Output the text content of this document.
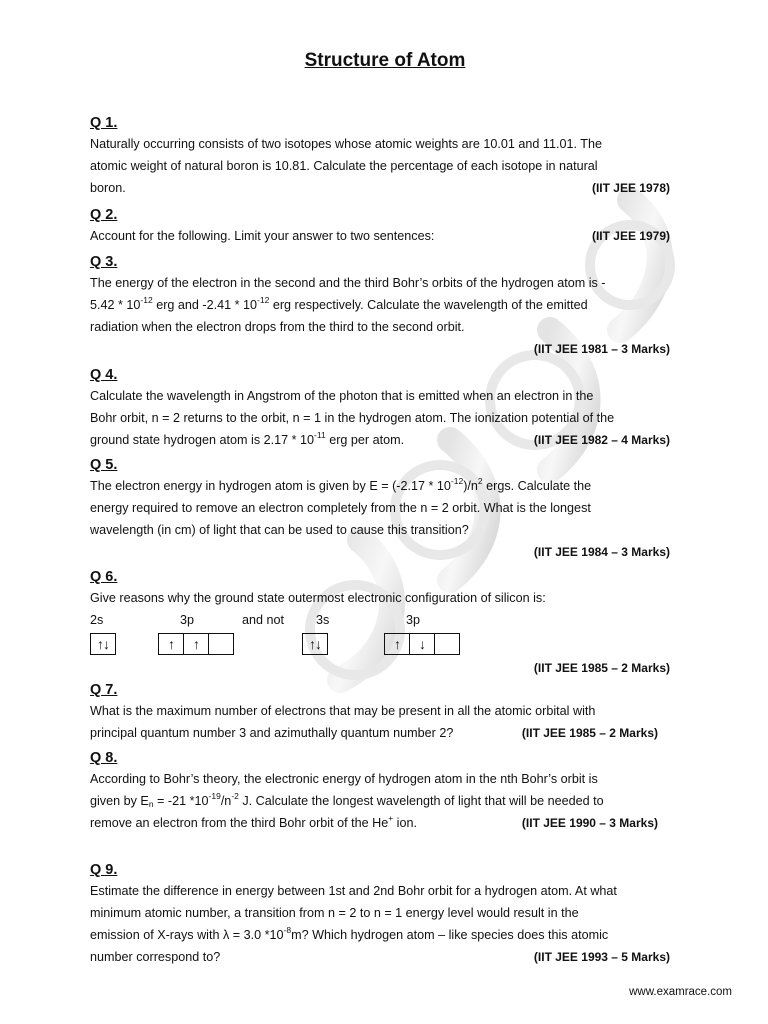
Structure of Atom
Q 1.
Naturally occurring consists of two isotopes whose atomic weights are 10.01 and 11.01. The
atomic weight of natural boron is 10.81. Calculate the percentage of each isotope in natural
boron.	(IIT JEE 1978)
Q 2.
Account for the following. Limit your answer to two sentences:	(IIT JEE 1979)
Q 3.
The energy of the electron in the second and the third Bohr’s orbits of the hydrogen atom is -
$5.42 * 10^{-12}$ erg and $-2.41 * 10^{-12}$ erg respectively. Calculate the wavelength of the emitted
radiation when the electron drops from the third to the second orbit.
(IIT JEE 1981 – 3 Marks)
Q 4.
Calculate the wavelength in Angstrom of the photon that is emitted when an electron in the
Bohr orbit, n = 2 returns to the orbit, n = 1 in the hydrogen atom. The ionization potential of the
ground state hydrogen atom is $2.17 * 10^{-11}$ erg per atom.	(IIT JEE 1982 – 4 Marks)
Q 5.
The electron energy in hydrogen atom is given by $E = (-2.17 * 10^{-12})/n^2$ ergs. Calculate the
energy required to remove an electron completely from the n = 2 orbit. What is the longest
wavelength (in cm) of light that can be used to cause this transition?
(IIT JEE 1984 – 3 Marks)
Q 6.
Give reasons why the ground state outermost electronic configuration of silicon is:
2s	3p	and not	3s	3p
↑↓	↑	↑	↑↓	↑	↓
(IIT JEE 1985 – 2 Marks)
Q 7.
What is the maximum number of electrons that may be present in all the atomic orbital with
principal quantum number 3 and azimuthally quantum number 2?	(IIT JEE 1985 – 2 Marks)
Q 8.
According to Bohr’s theory, the electronic energy of hydrogen atom in the nth Bohr’s orbit is
given by $E_n = -21$ $*10^{-19}/n^{-2}$ J. Calculate the longest wavelength of light that will be needed to
remove an electron from the third Bohr orbit of the He+ ion.	(IIT JEE 1990 – 3 Marks)
Q 9.
Estimate the difference in energy between 1st and 2nd Bohr orbit for a hydrogen atom. At what
minimum atomic number, a transition from n = 2 to n = 1 energy level would result in the
emission of X-rays with λ = 3.0 $*10^{-8}m$? Which hydrogen atom – like species does this atomic
number correspond to?	(IIT JEE 1993 – 5 Marks)
www.examrace.com
